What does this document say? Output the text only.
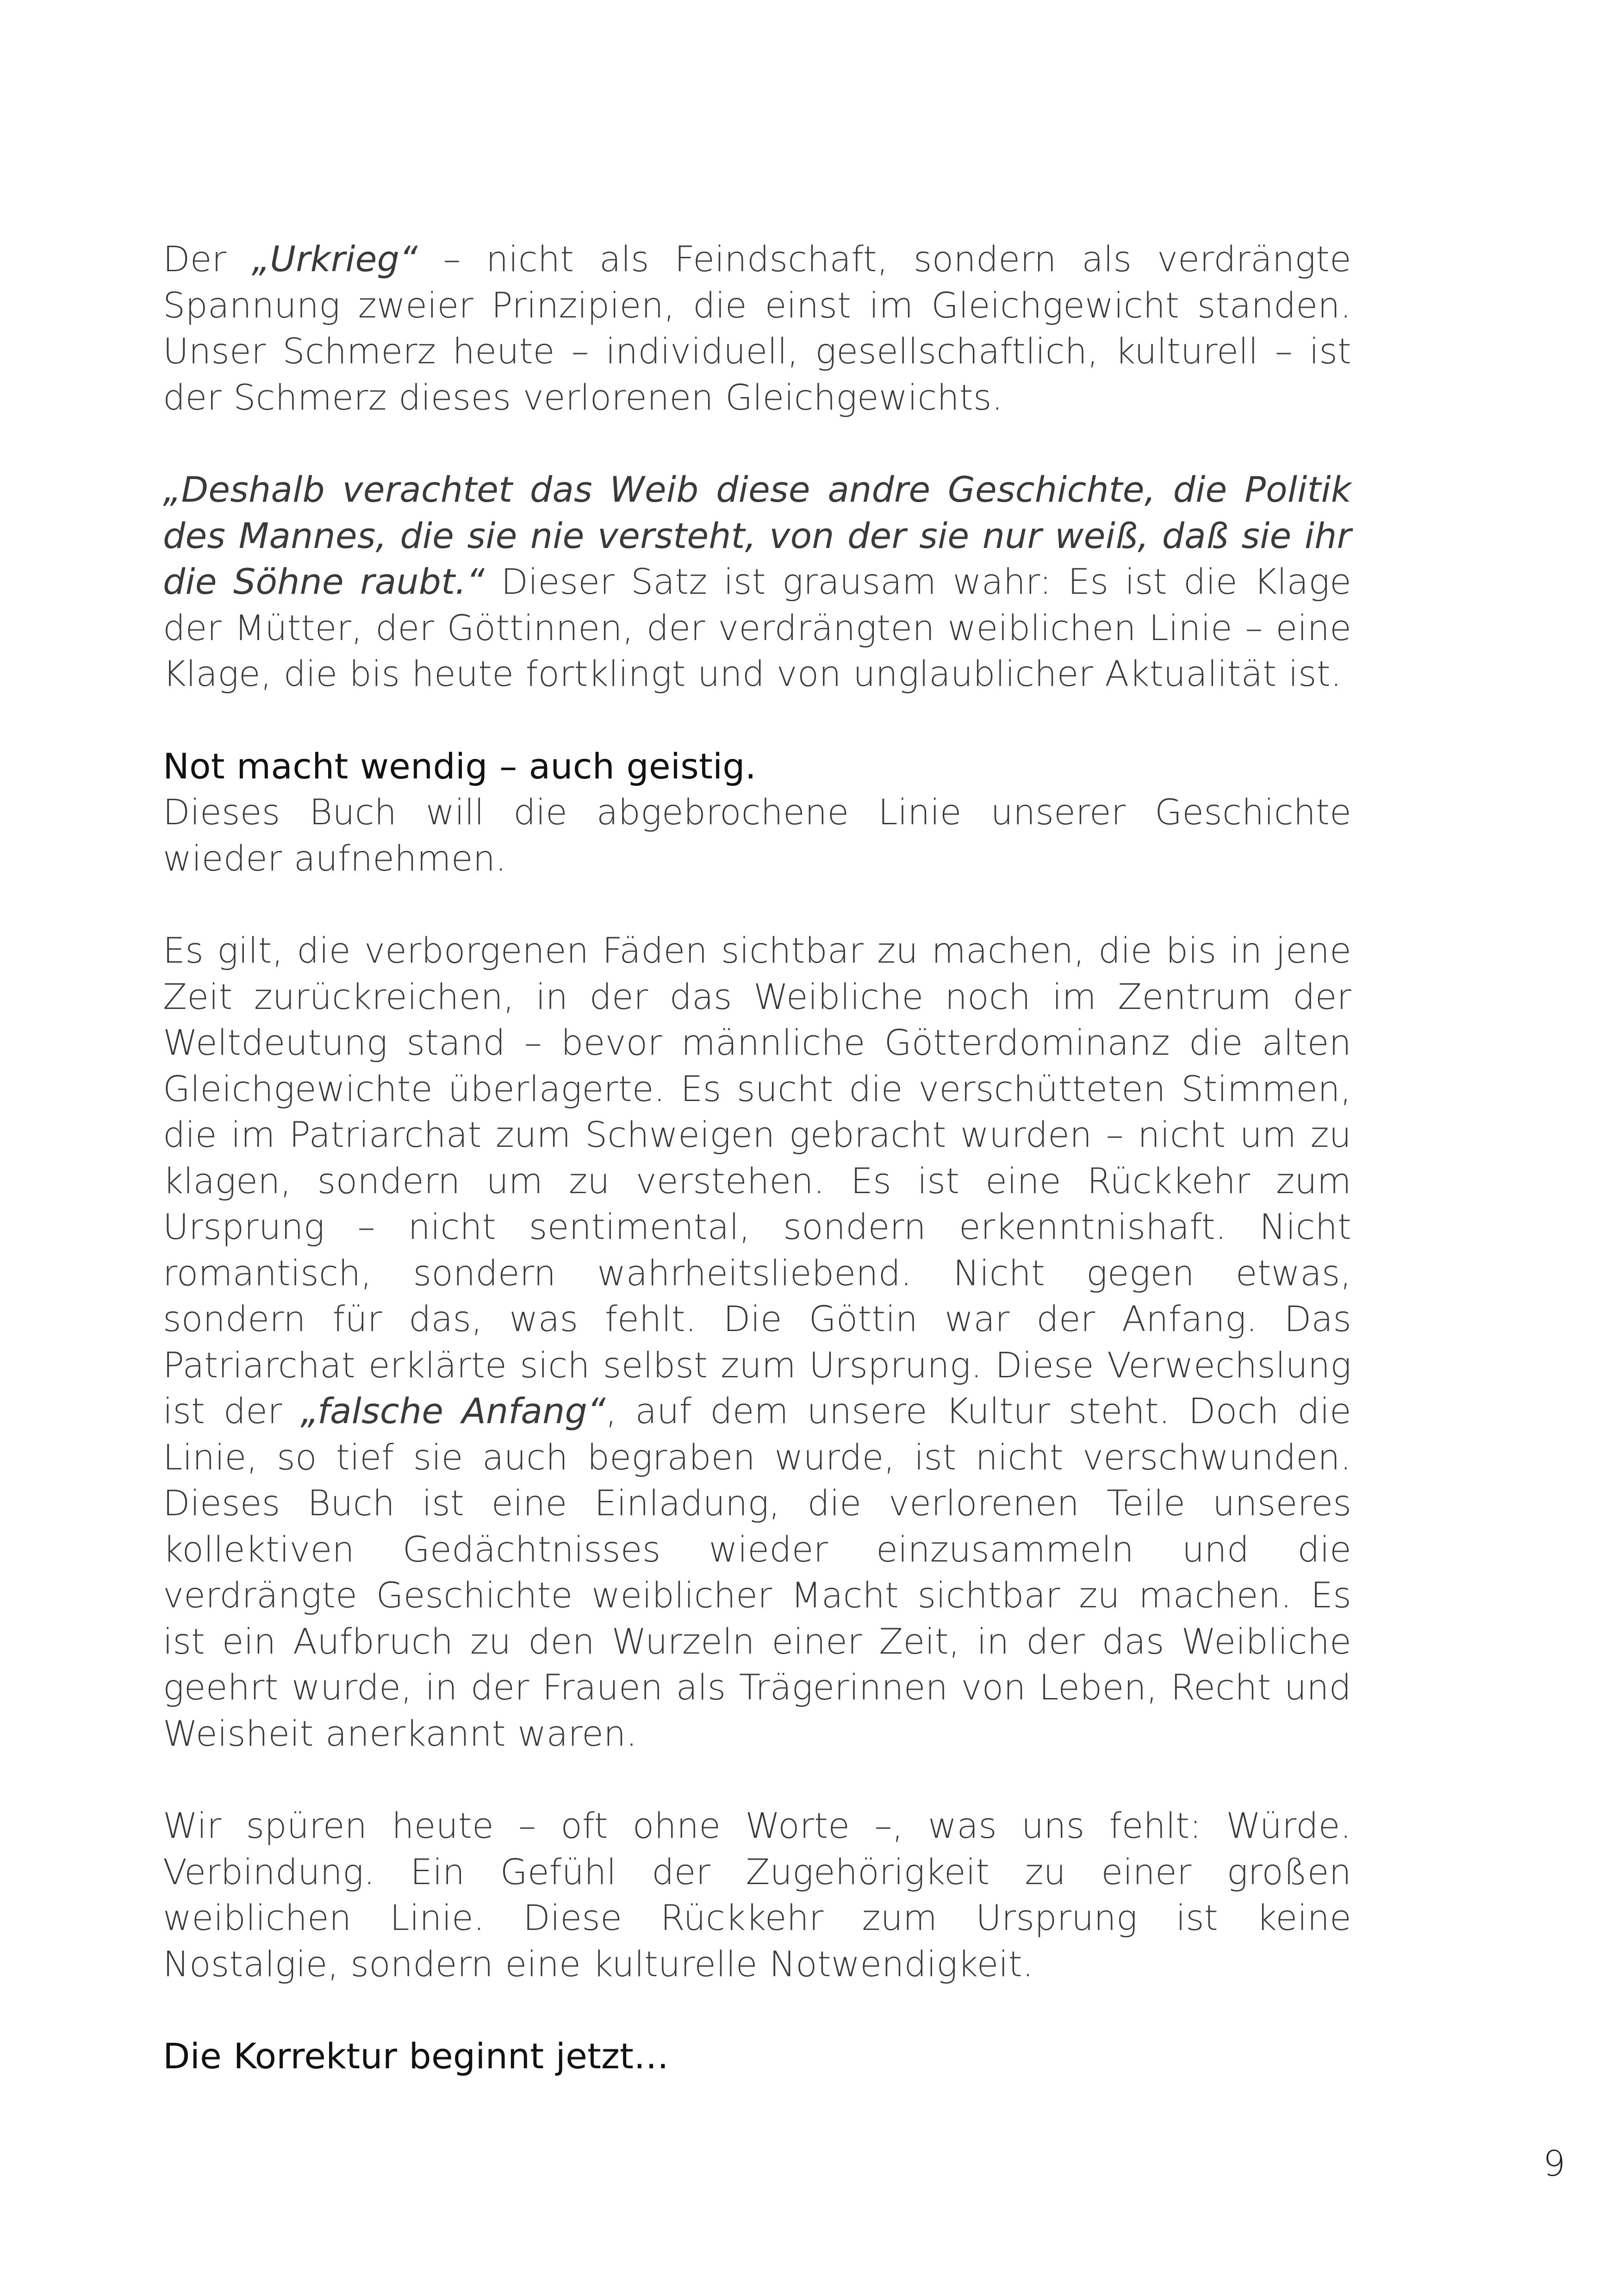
Der „Urkrieg“ – nicht als Feindschaft, sondern als verdrängte Spannung zweier Prinzipien, die einst im Gleichgewicht standen. Unser Schmerz heute – individuell, gesellschaftlich, kulturell – ist der Schmerz dieses verlorenen Gleichgewichts.

„Deshalb verachtet das Weib diese andre Geschichte, die Politik des Mannes, die sie nie versteht, von der sie nur weiß, daß sie ihr die Söhne raubt.“ Dieser Satz ist grausam wahr: Es ist die Klage der Mütter, der Göttinnen, der verdrängten weiblichen Linie – eine Klage, die bis heute fortklingt und von unglaublicher Aktualität ist.

Not macht wendig – auch geistig.

Dieses Buch will die abgebrochene Linie unserer Geschichte wieder aufnehmen.

Es gilt, die verborgenen Fäden sichtbar zu machen, die bis in jene Zeit zurückreichen, in der das Weibliche noch im Zentrum der Weltdeutung stand – bevor männliche Götterdominanz die alten Gleichgewichte überlagerte. Es sucht die verschütteten Stimmen, die im Patriarchat zum Schweigen gebracht wurden – nicht um zu klagen, sondern um zu verstehen. Es ist eine Rückkehr zum Ursprung – nicht sentimental, sondern erkenntnishaft. Nicht romantisch, sondern wahrheitsliebend. Nicht gegen etwas, sondern für das, was fehlt. Die Göttin war der Anfang. Das Patriarchat erklärte sich selbst zum Ursprung. Diese Verwechslung ist der „falsche Anfang“, auf dem unsere Kultur steht. Doch die Linie, so tief sie auch begraben wurde, ist nicht verschwunden. Dieses Buch ist eine Einladung, die verlorenen Teile unseres kollektiven Gedächtnisses wieder einzusammeln und die verdrängte Geschichte weiblicher Macht sichtbar zu machen. Es ist ein Aufbruch zu den Wurzeln einer Zeit, in der das Weibliche geehrt wurde, in der Frauen als Trägerinnen von Leben, Recht und Weisheit anerkannt waren.

Wir spüren heute – oft ohne Worte –, was uns fehlt: Würde. Verbindung. Ein Gefühl der Zugehörigkeit zu einer großen weiblichen Linie. Diese Rückkehr zum Ursprung ist keine Nostalgie, sondern eine kulturelle Notwendigkeit.

Die Korrektur beginnt jetzt…

9
